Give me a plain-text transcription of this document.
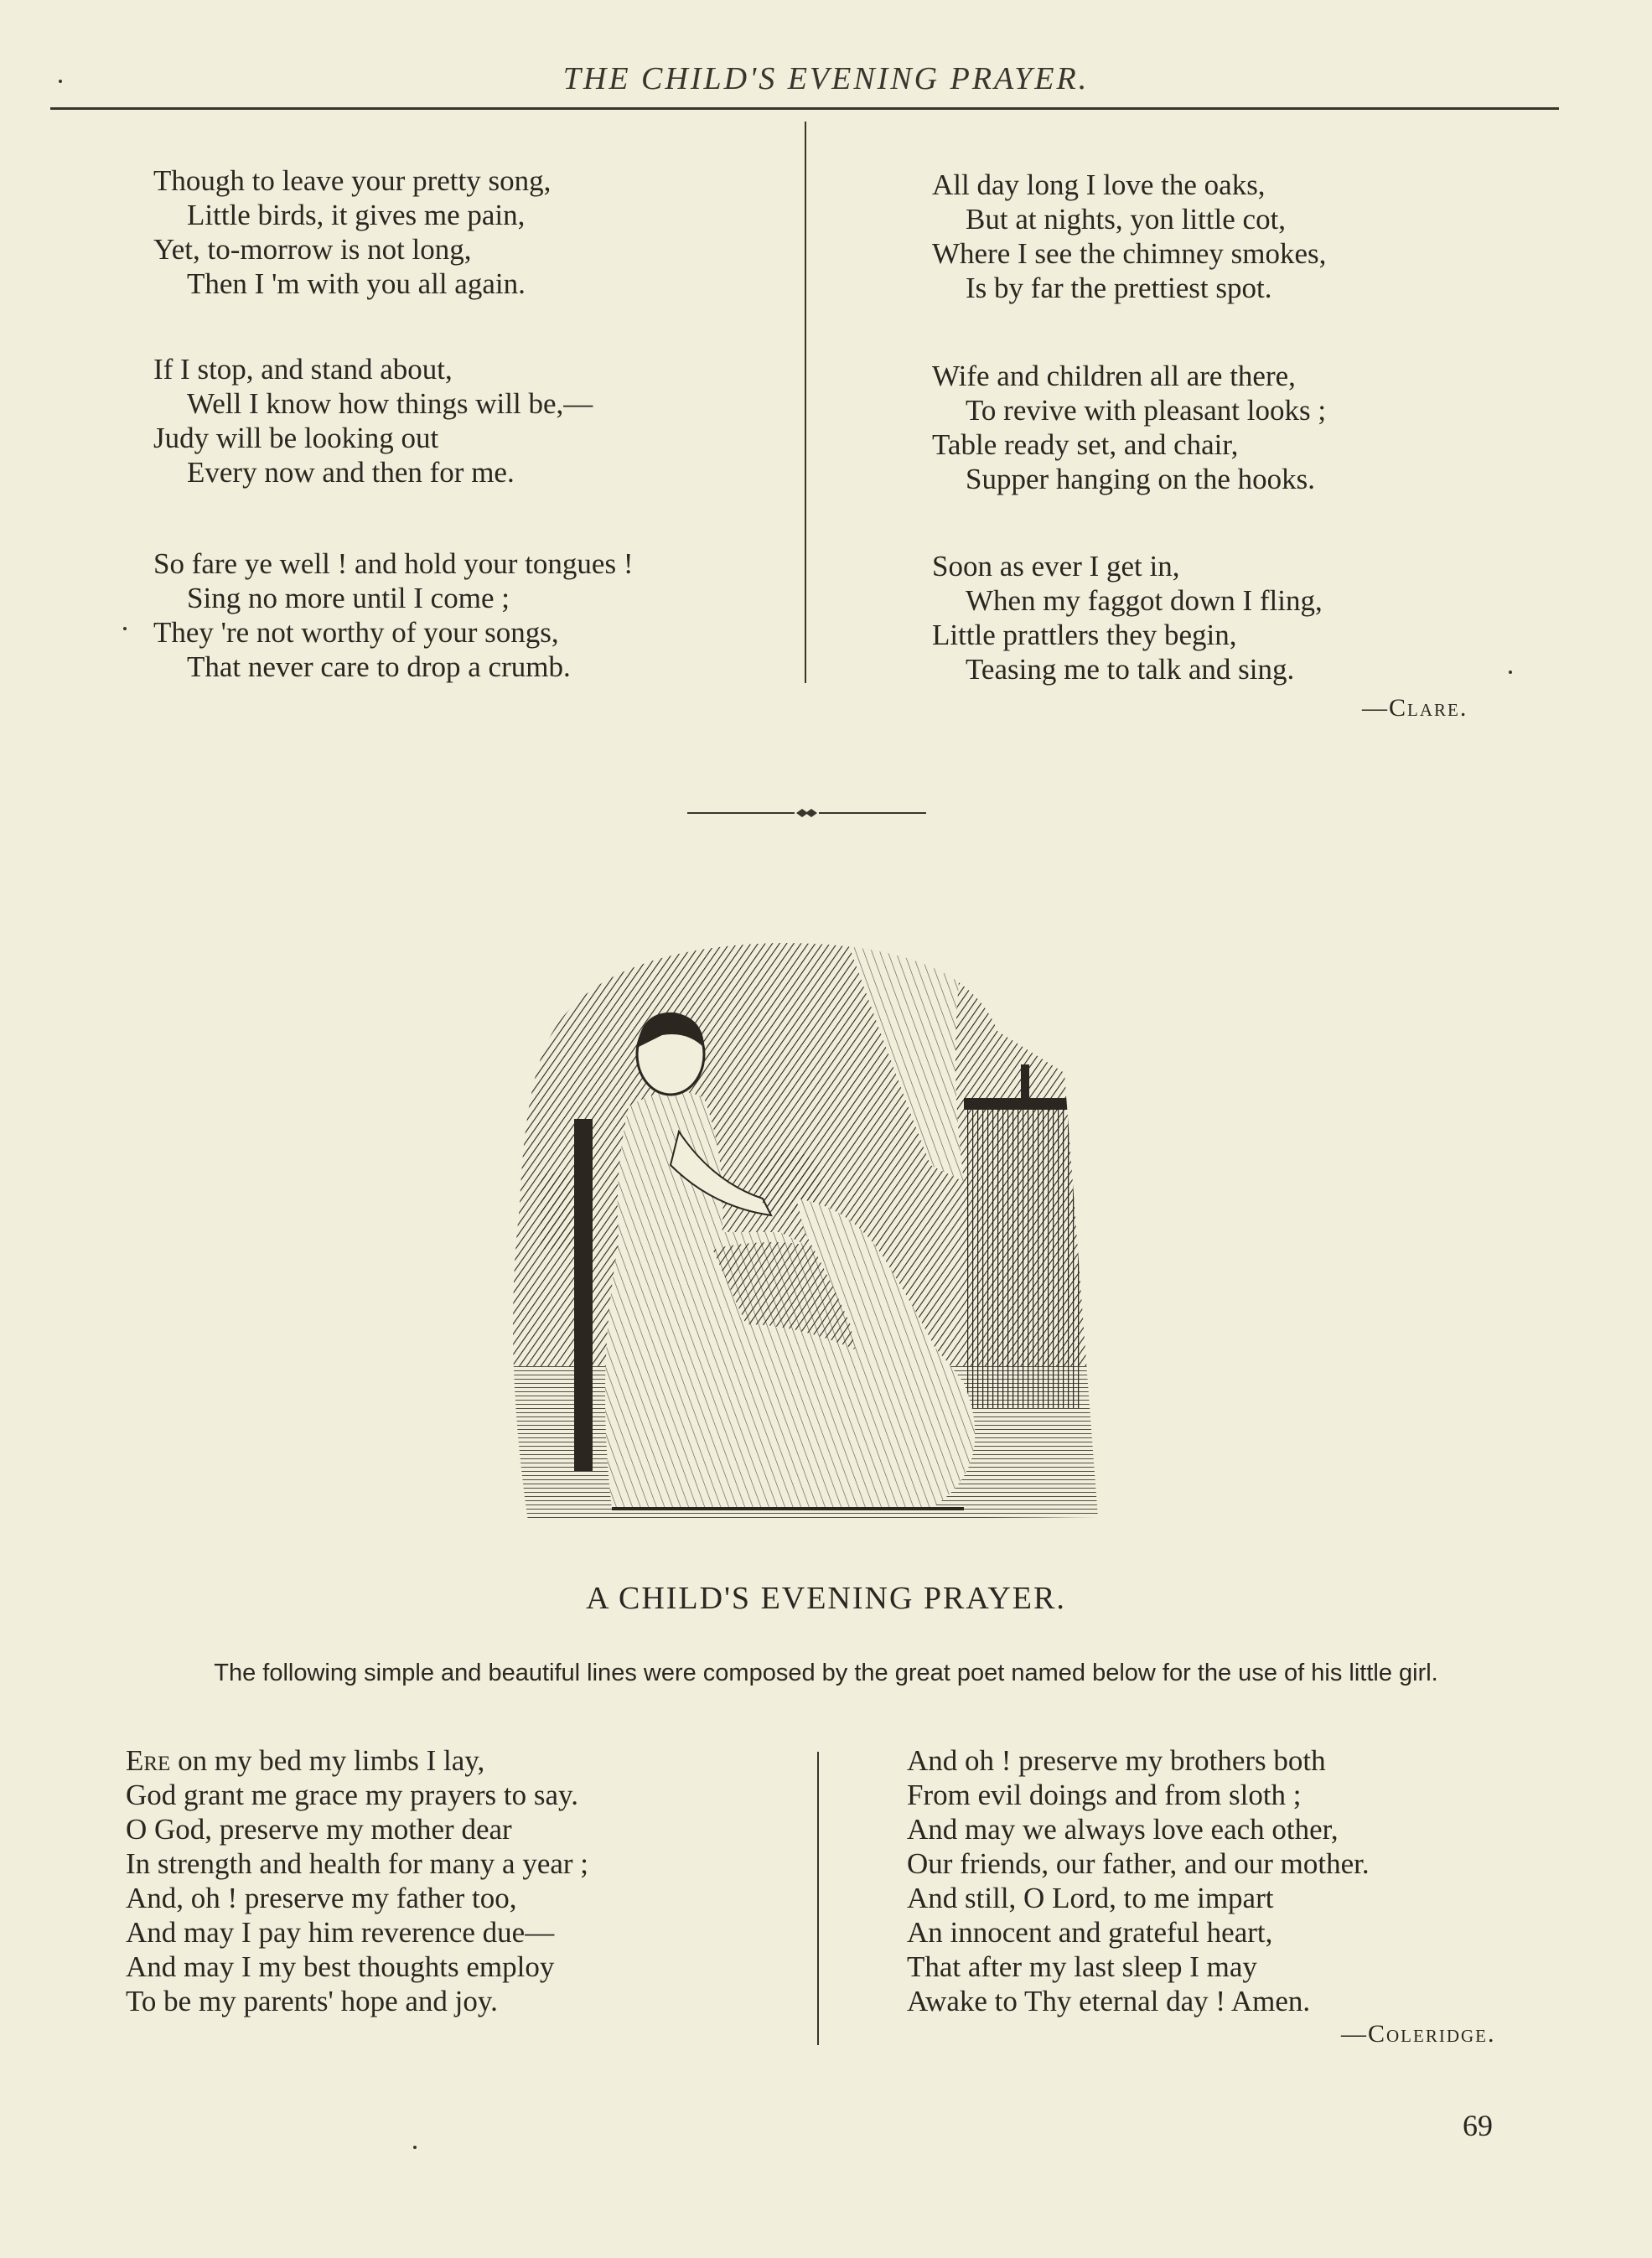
THE CHILD'S EVENING PRAYER.
Though to leave your pretty song,
Little birds, it gives me pain,
Yet, to-morrow is not long,
Then I 'm with you all again.
If I stop, and stand about,
Well I know how things will be,—
Judy will be looking out
Every now and then for me.
So fare ye well ! and hold your tongues !
Sing no more until I come ;
They 're not worthy of your songs,
That never care to drop a crumb.
All day long I love the oaks,
But at nights, yon little cot,
Where I see the chimney smokes,
Is by far the prettiest spot.
Wife and children all are there,
To revive with pleasant looks ;
Table ready set, and chair,
Supper hanging on the hooks.
Soon as ever I get in,
When my faggot down I fling,
Little prattlers they begin,
Teasing me to talk and sing.
—Clare.
A CHILD'S EVENING PRAYER.
The following simple and beautiful lines were composed by the great poet named below for the use of his little girl.
Ere on my bed my limbs I lay,
God grant me grace my prayers to say.
O God, preserve my mother dear
In strength and health for many a year ;
And, oh ! preserve my father too,
And may I pay him reverence due—
And may I my best thoughts employ
To be my parents' hope and joy.
And oh ! preserve my brothers both
From evil doings and from sloth ;
And may we always love each other,
Our friends, our father, and our mother.
And still, O Lord, to me impart
An innocent and grateful heart,
That after my last sleep I may
Awake to Thy eternal day ! Amen.
—Coleridge.
69
